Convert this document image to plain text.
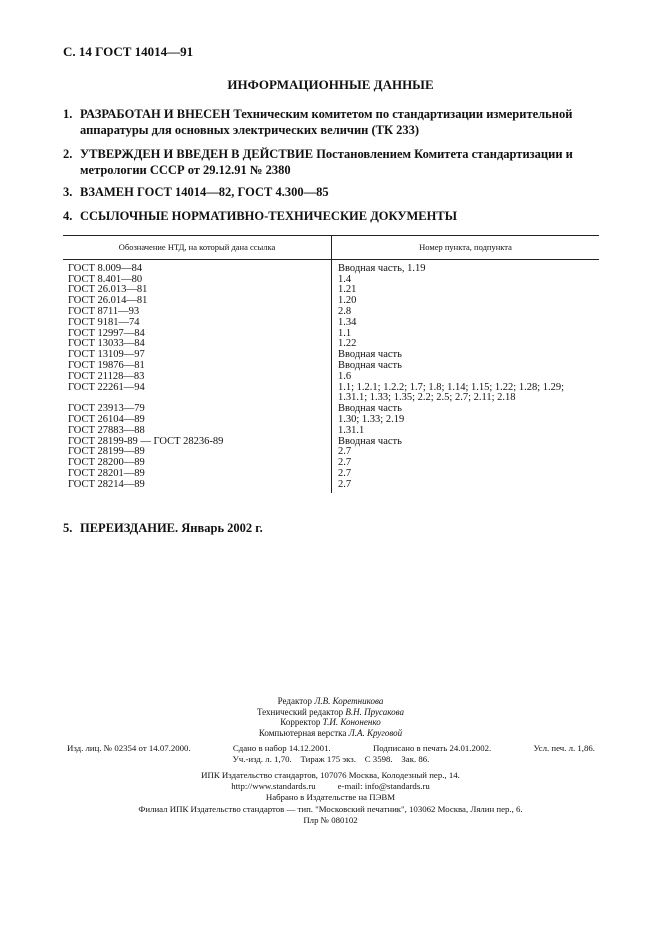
С. 14 ГОСТ 14014—91
ИНФОРМАЦИОННЫЕ ДАННЫЕ
1. РАЗРАБОТАН И ВНЕСЕН Техническим комитетом по стандартизации измерительной аппаратуры для основных электрических величин (ТК 233)
2. УТВЕРЖДЕН И ВВЕДЕН В ДЕЙСТВИЕ Постановлением Комитета стандартизации и метрологии СССР от 29.12.91 № 2380
3. ВЗАМЕН ГОСТ 14014—82, ГОСТ 4.300—85
4. ССЫЛОЧНЫЕ НОРМАТИВНО-ТЕХНИЧЕСКИЕ ДОКУМЕНТЫ
Обозначение НТД, на который дана ссылка	Номер пункта, подпункта
ГОСТ 8.009—84	Вводная часть, 1.19
ГОСТ 8.401—80	1.4
ГОСТ 26.013—81	1.21
ГОСТ 26.014—81	1.20
ГОСТ 8711—93	2.8
ГОСТ 9181—74	1.34
ГОСТ 12997—84	1.1
ГОСТ 13033—84	1.22
ГОСТ 13109—97	Вводная часть
ГОСТ 19876—81	Вводная часть
ГОСТ 21128—83	1.6
ГОСТ 22261—94	1.1; 1.2.1; 1.2.2; 1.7; 1.8; 1.14; 1.15; 1.22; 1.28; 1.29;
	1.31.1; 1.33; 1.35; 2.2; 2.5; 2.7; 2.11; 2.18
ГОСТ 23913—79	Вводная часть
ГОСТ 26104—89	1.30; 1.33; 2.19
ГОСТ 27883—88	1.31.1
ГОСТ 28199-89 — ГОСТ 28236-89	Вводная часть
ГОСТ 28199—89	2.7
ГОСТ 28200—89	2.7
ГОСТ 28201—89	2.7
ГОСТ 28214—89	2.7
5. ПЕРЕИЗДАНИЕ. Январь 2002 г.
Редактор Л.В. Коретникова
Технический редактор В.Н. Прусакова
Корректор Т.И. Кононенко
Компьютерная верстка Л.А. Круговой
Изд. лиц. № 02354 от 14.07.2000.	Сдано в набор 14.12.2001.	Подписано в печать 24.01.2002.	Усл. печ. л. 1,86.
Уч.-изд. л. 1,70.    Тираж 175 экз.    С 3598.    Зак. 86.
ИПК Издательство стандартов, 107076 Москва, Колодезный пер., 14.
http://www.standards.ru          e-mail: info@standards.ru
Набрано в Издательстве на ПЭВМ
Филиал ИПК Издательство стандартов — тип. "Московский печатник", 103062 Москва, Лялин пер., 6.
Плр № 080102
